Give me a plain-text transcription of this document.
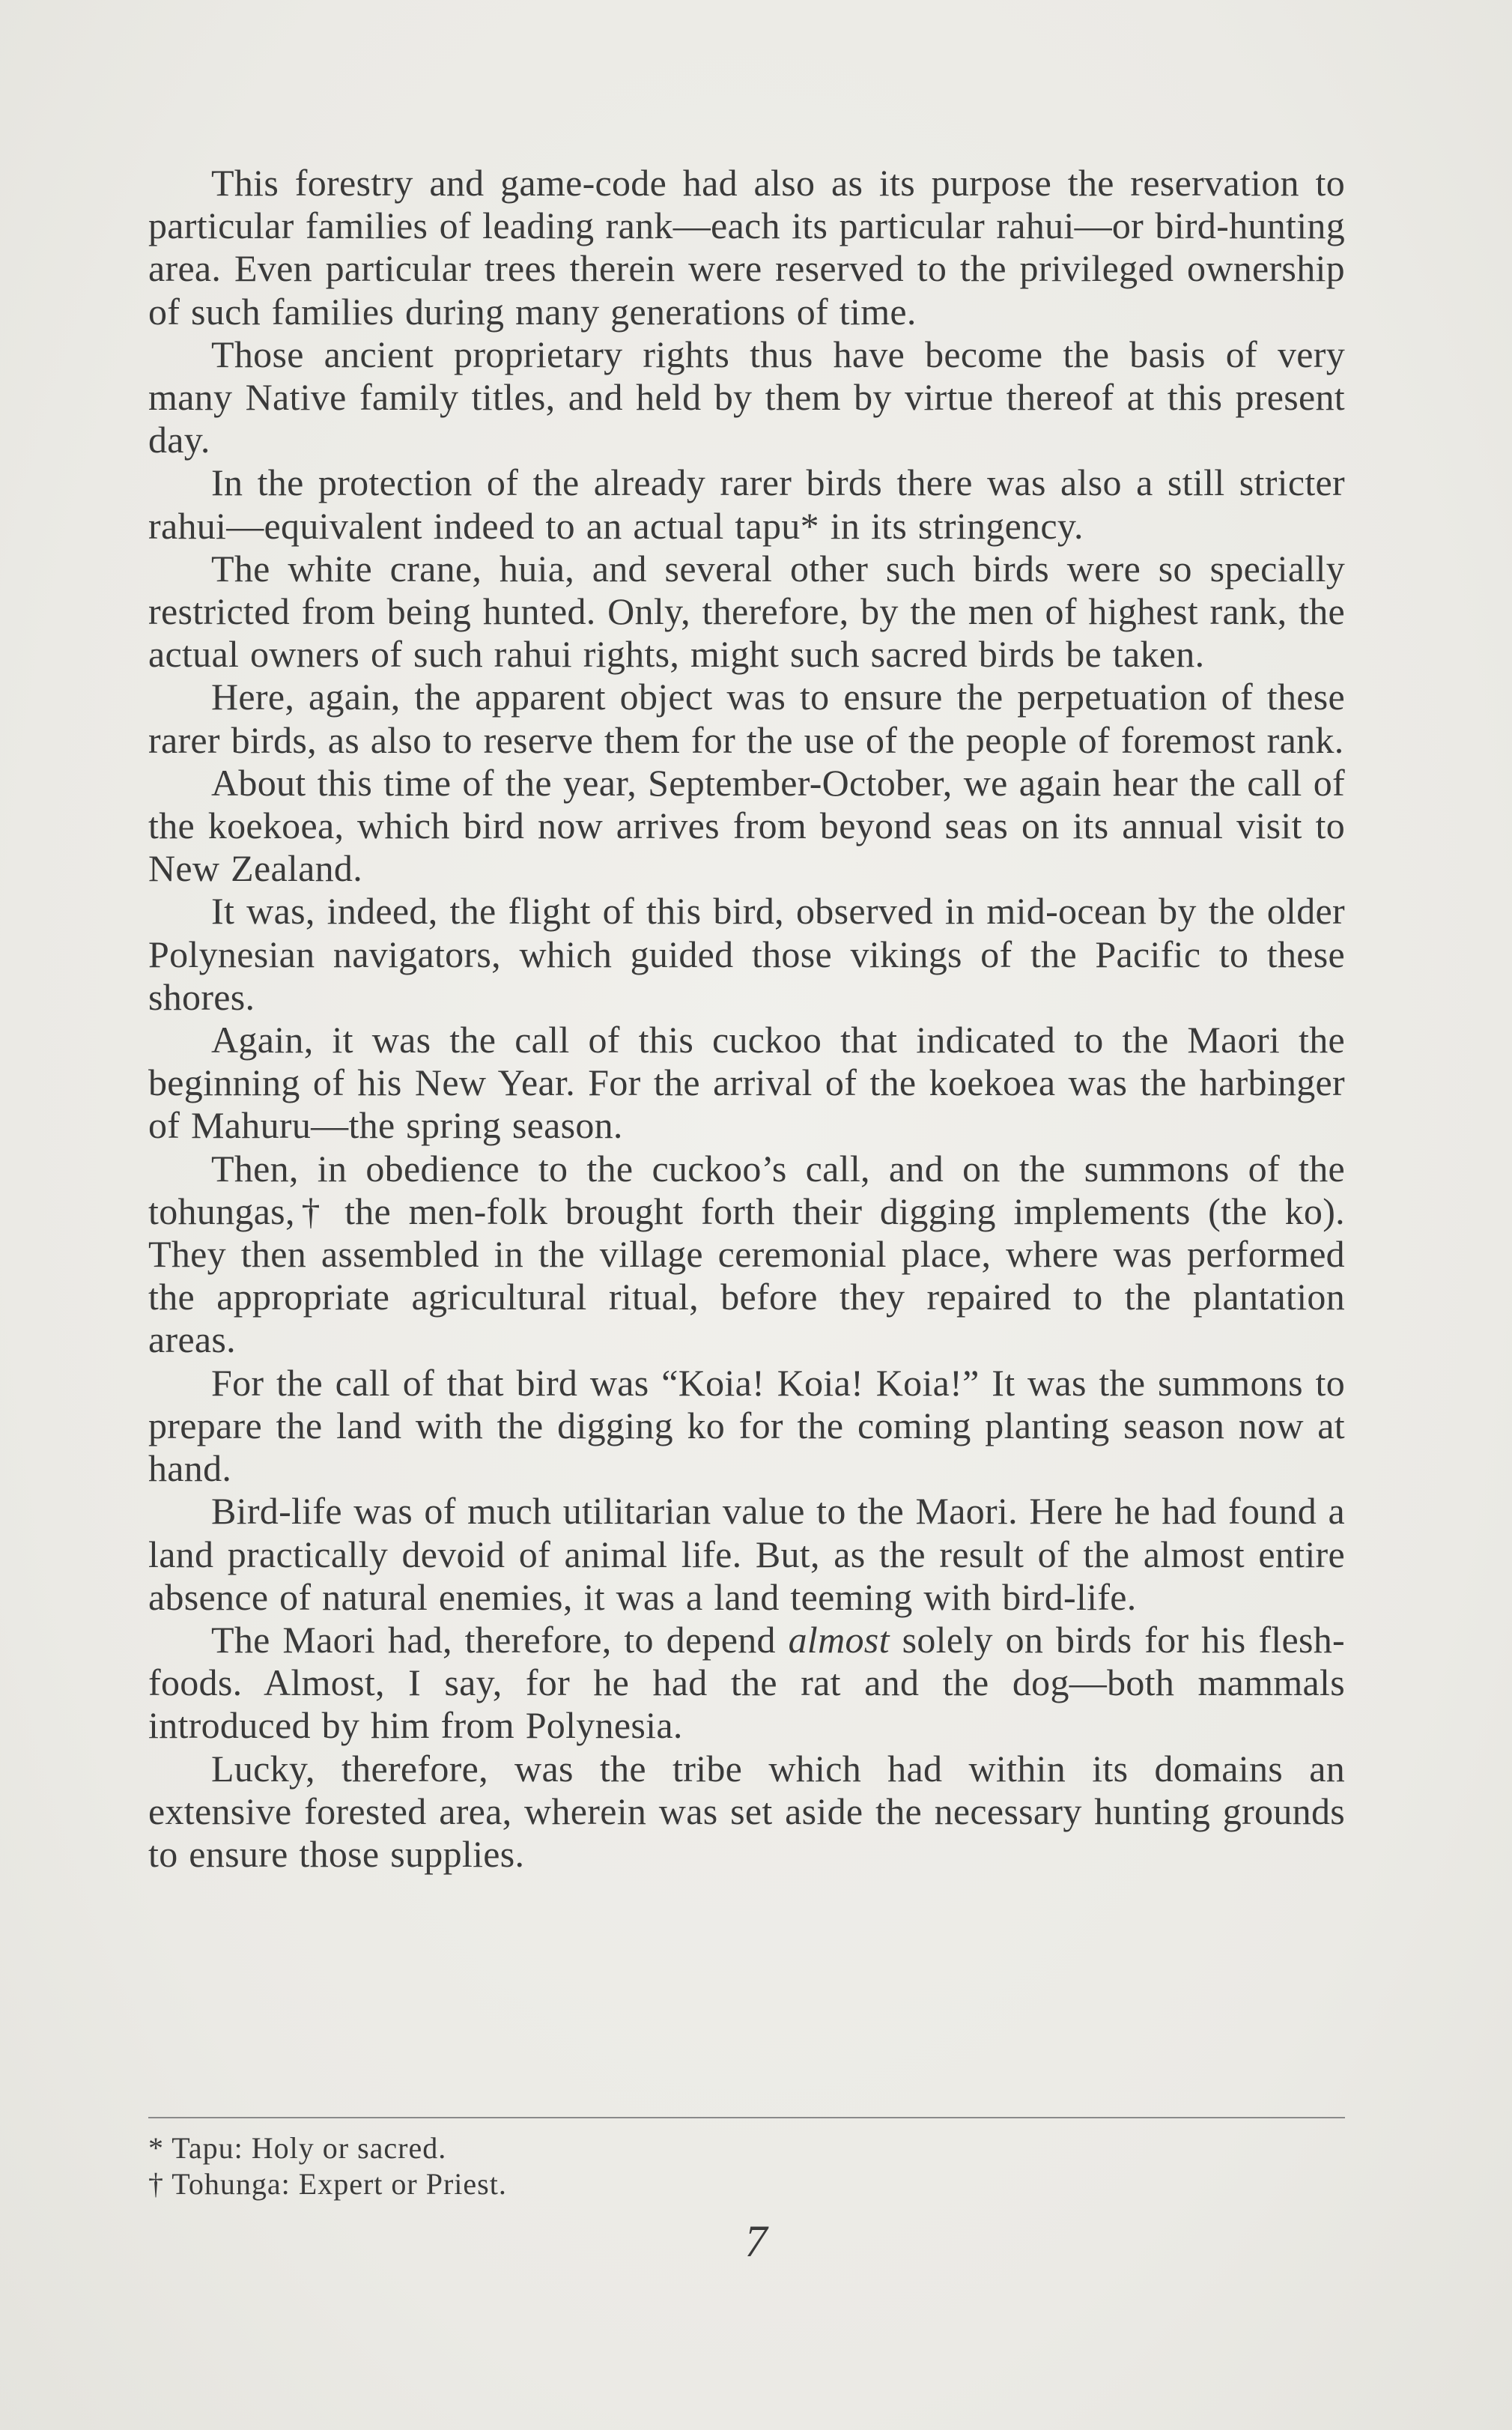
This forestry and game-code had also as its purpose the reservation to particular families of leading rank—each its particular rahui—or bird-hunting area. Even particular trees therein were reserved to the privileged ownership of such families during many generations of time.

Those ancient proprietary rights thus have become the basis of very many Native family titles, and held by them by virtue thereof at this present day.

In the protection of the already rarer birds there was also a still stricter rahui—equivalent indeed to an actual tapu* in its stringency.

The white crane, huia, and several other such birds were so specially restricted from being hunted. Only, therefore, by the men of highest rank, the actual owners of such rahui rights, might such sacred birds be taken.

Here, again, the apparent object was to ensure the perpetuation of these rarer birds, as also to reserve them for the use of the people of foremost rank.

About this time of the year, September-October, we again hear the call of the koekoea, which bird now arrives from beyond seas on its annual visit to New Zealand.

It was, indeed, the flight of this bird, observed in mid-ocean by the older Polynesian navigators, which guided those vikings of the Pacific to these shores.

Again, it was the call of this cuckoo that indicated to the Maori the beginning of his New Year. For the arrival of the koekoea was the harbinger of Mahuru—the spring season.

Then, in obedience to the cuckoo’s call, and on the summons of the tohungas,† the men-folk brought forth their digging implements (the ko). They then assembled in the village ceremonial place, where was performed the appropriate agricultural ritual, before they repaired to the plantation areas.

For the call of that bird was “Koia! Koia! Koia!” It was the summons to prepare the land with the digging ko for the coming planting season now at hand.

Bird-life was of much utilitarian value to the Maori. Here he had found a land practically devoid of animal life. But, as the result of the almost entire absence of natural enemies, it was a land teeming with bird-life.

The Maori had, therefore, to depend almost solely on birds for his flesh-foods. Almost, I say, for he had the rat and the dog—both mammals introduced by him from Polynesia.

Lucky, therefore, was the tribe which had within its domains an extensive forested area, wherein was set aside the necessary hunting grounds to ensure those supplies.

* Tapu: Holy or sacred.
† Tohunga: Expert or Priest.
7
